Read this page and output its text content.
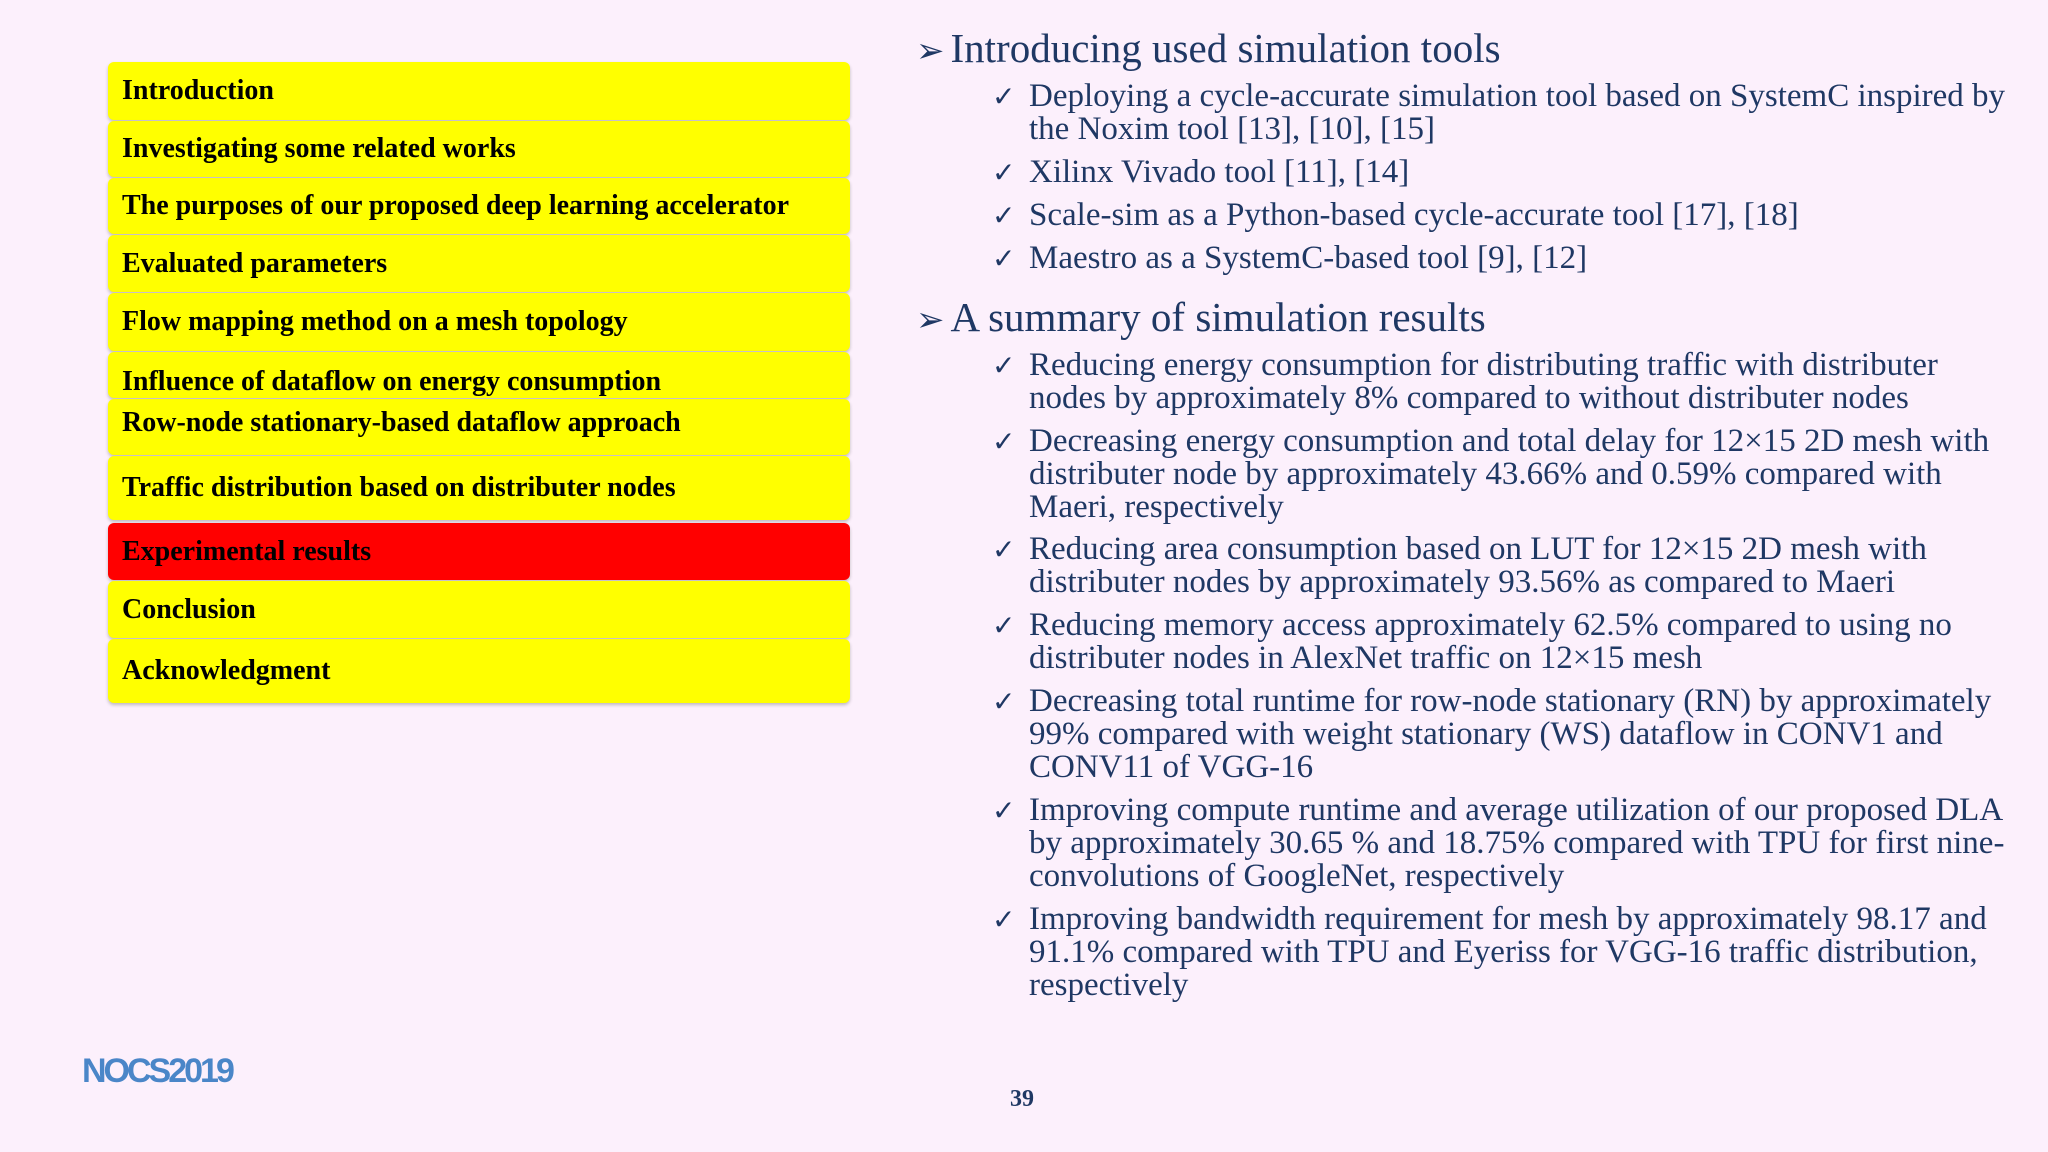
Introduction
Investigating some related works
The purposes of our proposed deep learning accelerator
Evaluated parameters
Flow mapping method on a mesh topology
Influence of dataflow on energy consumption
Row-node stationary-based dataflow approach
Traffic distribution based on distributer nodes
Experimental results
Conclusion
Acknowledgment
➢ Introducing used simulation tools
✓ Deploying a cycle-accurate simulation tool based on SystemC inspired by the Noxim tool [13], [10], [15]
✓ Xilinx Vivado tool [11], [14]
✓ Scale-sim as a Python-based cycle-accurate tool [17], [18]
✓ Maestro as a SystemC-based tool [9], [12]
➢ A summary of simulation results
✓ Reducing energy consumption for distributing traffic with distributer nodes by approximately 8% compared to without distributer nodes
✓ Decreasing energy consumption and total delay for 12×15 2D mesh with distributer node by approximately 43.66% and 0.59% compared with Maeri, respectively
✓ Reducing area consumption based on LUT for 12×15 2D mesh with distributer nodes by approximately 93.56% as compared to Maeri
✓ Reducing memory access approximately 62.5% compared to using no distributer nodes in AlexNet traffic on 12×15 mesh
✓ Decreasing total runtime for row-node stationary (RN) by approximately 99% compared with weight stationary (WS) dataflow in CONV1 and CONV11 of VGG-16
✓ Improving compute runtime and average utilization of our proposed DLA by approximately 30.65 % and 18.75% compared with TPU for first nine-convolutions of GoogleNet, respectively
✓ Improving bandwidth requirement for mesh by approximately 98.17 and 91.1% compared with TPU and Eyeriss for VGG-16 traffic distribution, respectively
NOCS2019
39
